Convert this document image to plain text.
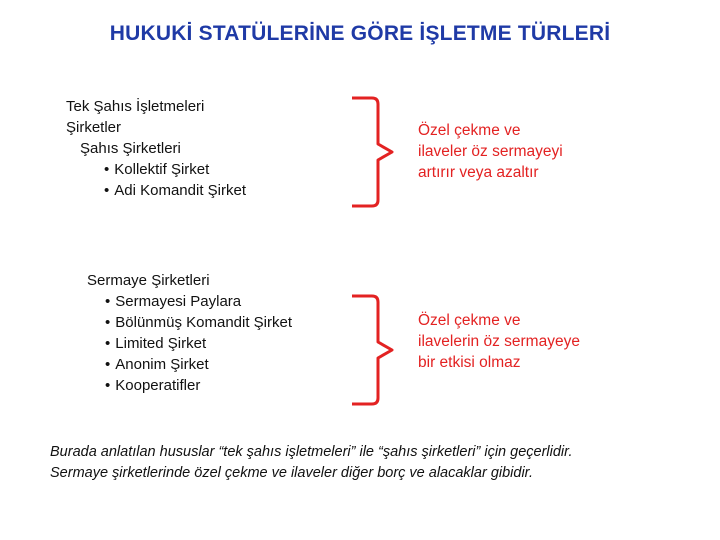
HUKUKİ STATÜLERİNE GÖRE İŞLETME TÜRLERİ
Tek Şahıs İşletmeleri
Şirketler
Şahıs Şirketleri
• Kollektif Şirket
• Adi Komandit Şirket
Özel çekme ve
ilaveler öz sermayeyi
artırır veya azaltır
Sermaye Şirketleri
• Sermayesi Paylara
• Bölünmüş Komandit Şirket
• Limited Şirket
• Anonim Şirket
• Kooperatifler
Özel çekme ve
ilavelerin öz sermayeye
bir etkisi olmaz
Burada anlatılan hususlar “tek şahıs işletmeleri” ile “şahıs şirketleri” için geçerlidir.
Sermaye şirketlerinde özel çekme ve ilaveler diğer borç ve alacaklar gibidir.
